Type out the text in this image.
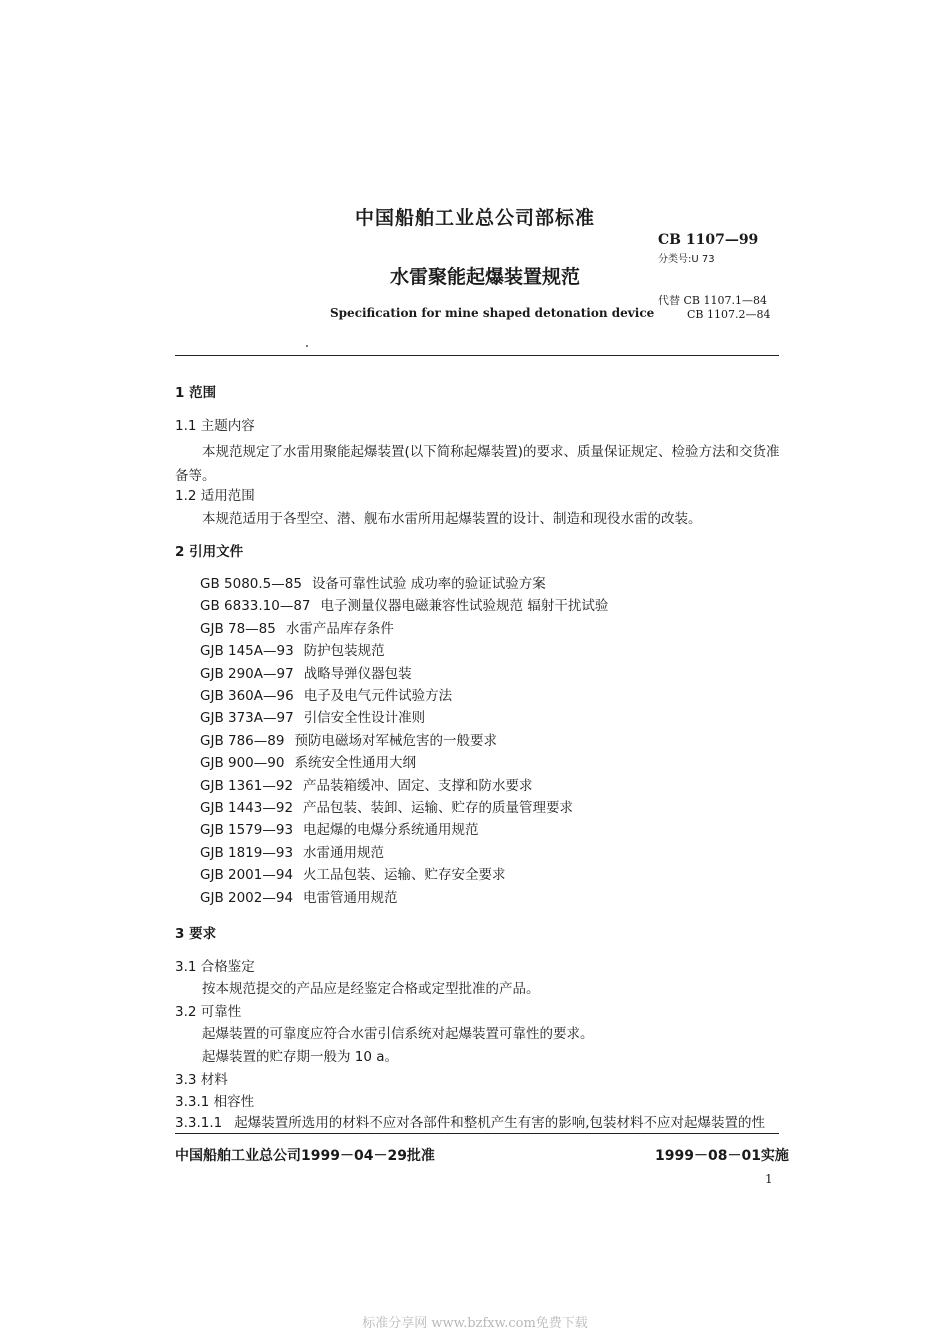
中国船舶工业总公司部标准
CB 1107—99
分类号:U 73
水雷聚能起爆装置规范
Specification for mine shaped detonation device
代替 CB 1107.1—84
CB 1107.2—84
1 范围
1.1 主题内容
本规范规定了水雷用聚能起爆装置(以下简称起爆装置)的要求、质量保证规定、检验方法和交货准备等。
1.2 适用范围
本规范适用于各型空、潜、舰布水雷所用起爆装置的设计、制造和现役水雷的改装。
2 引用文件
GB 5080.5—85 设备可靠性试验 成功率的验证试验方案
GB 6833.10—87 电子测量仪器电磁兼容性试验规范 辐射干扰试验
GJB 78—85 水雷产品库存条件
GJB 145A—93 防护包装规范
GJB 290A—97 战略导弹仪器包装
GJB 360A—96 电子及电气元件试验方法
GJB 373A—97 引信安全性设计准则
GJB 786—89 预防电磁场对军械危害的一般要求
GJB 900—90 系统安全性通用大纲
GJB 1361—92 产品装箱缓冲、固定、支撑和防水要求
GJB 1443—92 产品包装、装卸、运输、贮存的质量管理要求
GJB 1579—93 电起爆的电爆分系统通用规范
GJB 1819—93 水雷通用规范
GJB 2001—94 火工品包装、运输、贮存安全要求
GJB 2002—94 电雷管通用规范
3 要求
3.1 合格鉴定
按本规范提交的产品应是经鉴定合格或定型批准的产品。
3.2 可靠性
起爆装置的可靠度应符合水雷引信系统对起爆装置可靠性的要求。
起爆装置的贮存期一般为 10 a。
3.3 材料
3.3.1 相容性
3.3.1.1 起爆装置所选用的材料不应对各部件和整机产生有害的影响,包装材料不应对起爆装置的性
中国船舶工业总公司1999－04－29批准	1999－08－01实施
1
标准分享网 www.bzfxw.com免费下载
